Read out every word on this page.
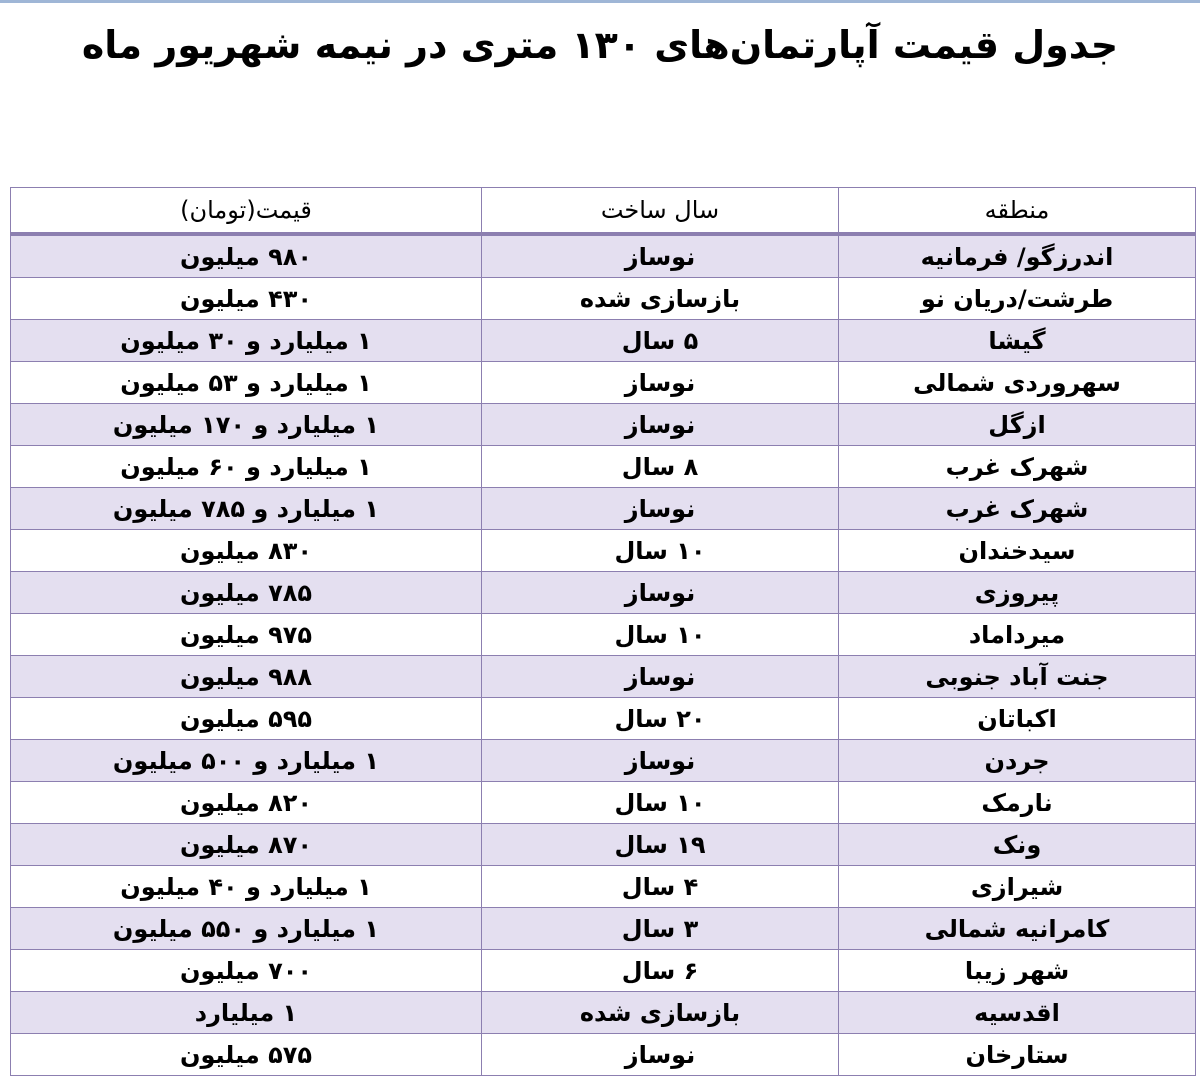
جدول قیمت آپارتمان‌های ۱۳۰ متری در نیمه شهریور ماه
منطقه	سال ساخت	قیمت(تومان)
اندرزگو/ فرمانیه	نوساز	۹۸۰ میلیون
طرشت/دریان نو	بازسازی شده	۴۳۰ میلیون
گیشا	۵ سال	۱ میلیارد و ۳۰ میلیون
سهروردی شمالی	نوساز	۱ میلیارد و ۵۳ میلیون
ازگل	نوساز	۱ میلیارد و ۱۷۰ میلیون
شهرک غرب	۸ سال	۱ میلیارد و ۶۰ میلیون
شهرک غرب	نوساز	۱ میلیارد و ۷۸۵ میلیون
سیدخندان	۱۰ سال	۸۳۰ میلیون
پیروزی	نوساز	۷۸۵ میلیون
میرداماد	۱۰ سال	۹۷۵ میلیون
جنت آباد جنوبی	نوساز	۹۸۸ میلیون
اکباتان	۲۰ سال	۵۹۵ میلیون
جردن	نوساز	۱ میلیارد و ۵۰۰ میلیون
نارمک	۱۰ سال	۸۲۰ میلیون
ونک	۱۹ سال	۸۷۰ میلیون
شیرازی	۴ سال	۱ میلیارد و ۴۰ میلیون
کامرانیه شمالی	۳ سال	۱ میلیارد و ۵۵۰ میلیون
شهر زیبا	۶ سال	۷۰۰ میلیون
اقدسیه	بازسازی شده	۱ میلیارد
ستارخان	نوساز	۵۷۵ میلیون
